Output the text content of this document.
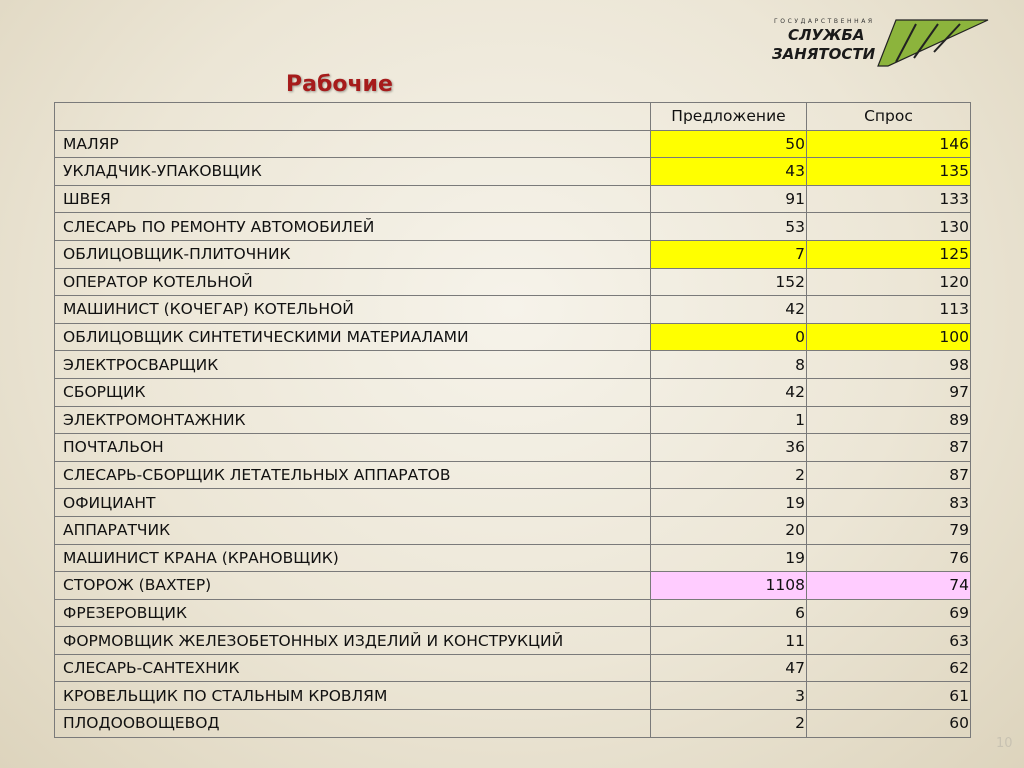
ГОСУДАРСТВЕННАЯ
СЛУЖБА
ЗАНЯТОСТИ
Рабочие
	Предложение	Спрос
МАЛЯР	50	146
УКЛАДЧИК-УПАКОВЩИК	43	135
ШВЕЯ	91	133
СЛЕСАРЬ ПО РЕМОНТУ АВТОМОБИЛЕЙ	53	130
ОБЛИЦОВЩИК-ПЛИТОЧНИК	7	125
ОПЕРАТОР КОТЕЛЬНОЙ	152	120
МАШИНИСТ (КОЧЕГАР) КОТЕЛЬНОЙ	42	113
ОБЛИЦОВЩИК СИНТЕТИЧЕСКИМИ МАТЕРИАЛАМИ	0	100
ЭЛЕКТРОСВАРЩИК	8	98
СБОРЩИК	42	97
ЭЛЕКТРОМОНТАЖНИК	1	89
ПОЧТАЛЬОН	36	87
СЛЕСАРЬ-СБОРЩИК ЛЕТАТЕЛЬНЫХ АППАРАТОВ	2	87
ОФИЦИАНТ	19	83
АППАРАТЧИК	20	79
МАШИНИСТ КРАНА (КРАНОВЩИК)	19	76
СТОРОЖ (ВАХТЕР)	1108	74
ФРЕЗЕРОВЩИК	6	69
ФОРМОВЩИК ЖЕЛЕЗОБЕТОННЫХ ИЗДЕЛИЙ И КОНСТРУКЦИЙ	11	63
СЛЕСАРЬ-САНТЕХНИК	47	62
КРОВЕЛЬЩИК ПО СТАЛЬНЫМ КРОВЛЯМ	3	61
ПЛОДООВОЩЕВОД	2	60
10
